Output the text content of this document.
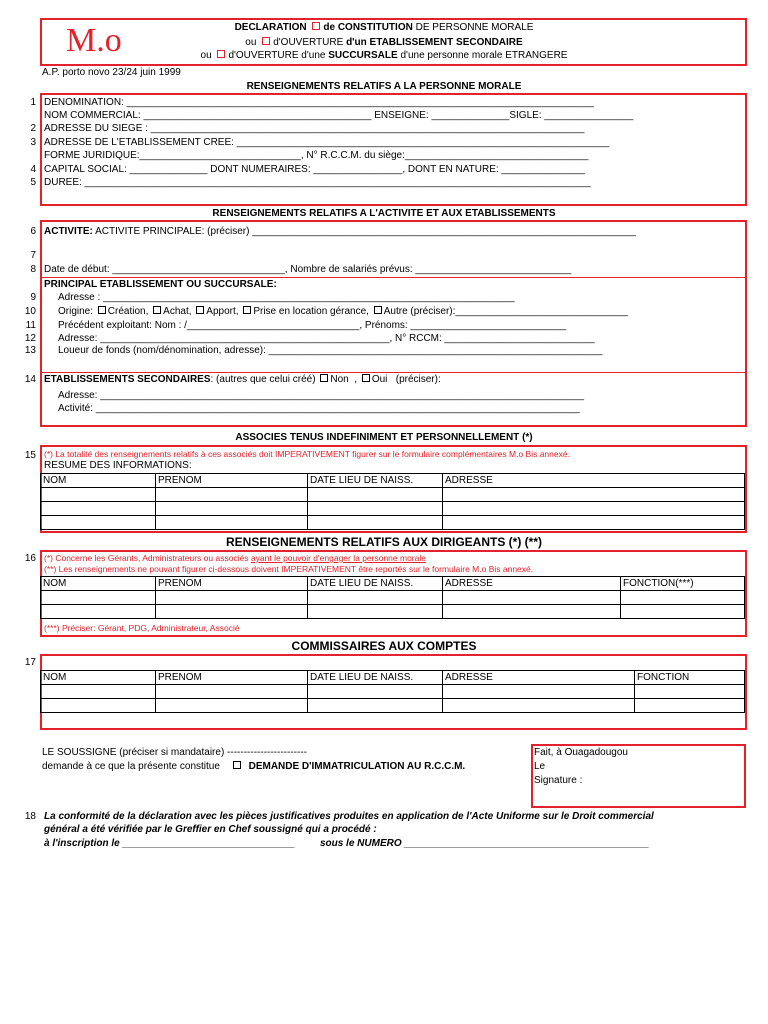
M.o	DECLARATION de CONSTITUTION DE PERSONNE MORALE
ou d'OUVERTURE d'un ETABLISSEMENT SECONDAIRE
ou d'OUVERTURE d'une SUCCURSALE d'une personne morale ETRANGERE
A.P. porto novo 23/24 juin 1999
RENSEIGNEMENTS RELATIFS A LA PERSONNE MORALE
1 DENOMINATION: ____________________________________________________________________________________
NOM COMMERCIAL: _________________________________________ ENSEIGNE: ______________SIGLE: ________________
2 ADRESSE DU SIEGE : ______________________________________________________________________________
3 ADRESSE DE L'ETABLISSEMENT CREE: ___________________________________________________________________
FORME JURIDIQUE:_____________________________, N° R.C.C.M. du siège:_________________________________
4 CAPITAL SOCIAL: ______________ DONT NUMERAIRES: ________________, DONT EN NATURE: _______________
5 DUREE: ___________________________________________________________________________________________
RENSEIGNEMENTS RELATIFS A L'ACTIVITE ET AUX ETABLISSEMENTS
6 ACTIVITE: ACTIVITE PRINCIPALE: (préciser) _____________________________________________________________________
7
8 Date de début: _______________________________, Nombre de salariés prévus: ____________________________
PRINCIPAL ETABLISSEMENT OU SUCCURSALE:
9 Adresse : __________________________________________________________________________
10 Origine: Création, Achat, Apport, Prise en location gérance, Autre (préciser):_______________________________
11 Précédent exploitant: Nom : /_______________________________, Prénoms: ____________________________
12 Adresse: ____________________________________________________, N° RCCM: ___________________________
13 Loueur de fonds (nom/dénomination, adresse): ____________________________________________________________
14 ETABLISSEMENTS SECONDAIRES: (autres que celui créé) Non  , Oui (préciser):
Adresse: _______________________________________________________________________________________
Activité: _______________________________________________________________________________________
ASSOCIES TENUS INDEFINIMENT ET PERSONNELLEMENT (*)
15 (*) La totalité des renseignements relatifs à ces associés doit IMPERATIVEMENT figurer sur le formulaire complémentaires M.o Bis annexé.
RESUME DES INFORMATIONS:
NOM	PRENOM	DATE LIEU DE NAISS.	ADRESSE

RENSEIGNEMENTS RELATIFS AUX DIRIGEANTS (*) (**)
16 (*) Concerne les Gérants, Administrateurs ou associés ayant le pouvoir d'engager la personne morale
(**) Les renseignements ne pouvant figurer ci-dessous doivent IMPERATIVEMENT être reportés sur le formulaire M.o Bis annexé.
NOM	PRENOM	DATE LIEU DE NAISS.	ADRESSE	FONCTION(***)

(***) Préciser: Gérant, PDG, Administrateur, Associé
COMMISSAIRES AUX COMPTES
17
NOM	PRENOM	DATE LIEU DE NAISS.	ADRESSE	FONCTION

LE SOUSSIGNE (préciser si mandataire) ------------------------
demande à ce que la présente constitue	DEMANDE D'IMMATRICULATION AU R.C.C.M.
Fait, à Ouagadougou
Le
Signature :
18 La conformité de la déclaration avec les pièces justificatives produites en application de l'Acte Uniforme sur le Droit commercial
général a été vérifiée par le Greffier en Chef soussigné qui a procédé :
à l'inscription le _______________________________	sous le NUMERO ____________________________________________
